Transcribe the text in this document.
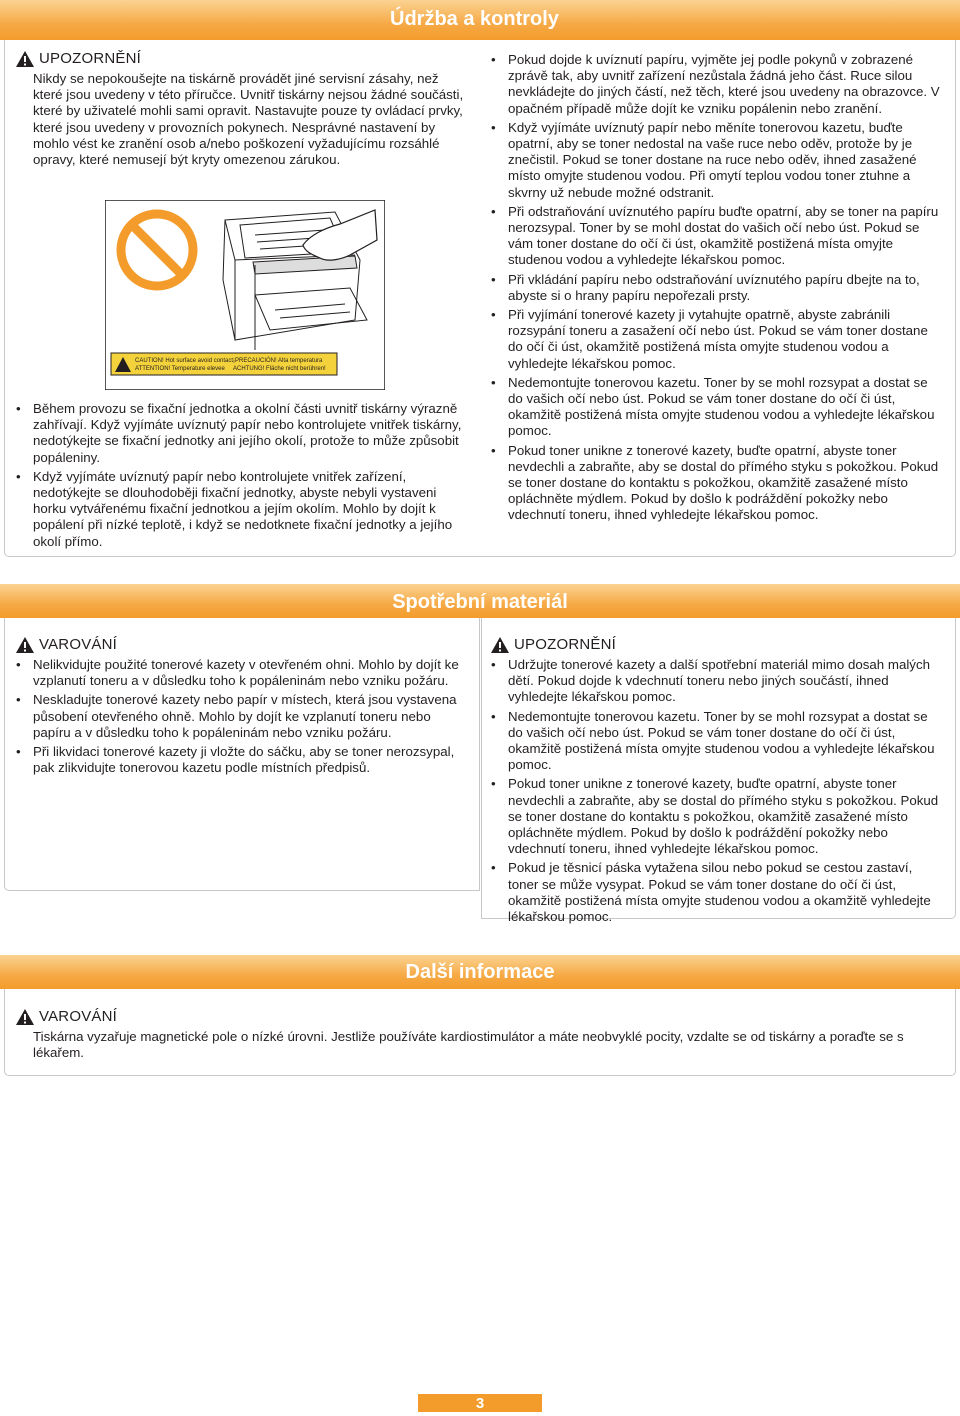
Údržba a kontroly
Spotřební materiál
Další informace
UPOZORNĚNÍ

Nikdy se nepokoušejte na tiskárně provádět jiné servisní zásahy, než které jsou uvedeny v této příručce. Uvnitř tiskárny nejsou žádné součásti, které by uživatelé mohli sami opravit. Nastavujte pouze ty ovládací prvky, které jsou uvedeny v provozních pokynech. Nesprávné nastavení by mohlo vést ke zranění osob a/nebo poškození vyžadujícímu rozsáhlé opravy, které nemusejí být kryty omezenou zárukou.

CAUTION! Hot surface avoid contact
ATTENTION! Temperature elevee
¡PRECAUCIÓN! Alta temperatura
ACHTUNG! Fläche nicht berühren!
• Během provozu se fixační jednotka a okolní části uvnitř tiskárny výrazně zahřívají. Když vyjímáte uvíznutý papír nebo kontrolujete vnitřek tiskárny, nedotýkejte se fixační jednotky ani jejího okolí, protože to může způsobit popáleniny.
• Když vyjímáte uvíznutý papír nebo kontrolujete vnitřek zařízení, nedotýkejte se dlouhodoběji fixační jednotky, abyste nebyli vystaveni horku vytvářenému fixační jednotkou a jejím okolím. Mohlo by dojít k popálení při nízké teplotě, i když se nedotknete fixační jednotky a jejího okolí přímo.
• Pokud dojde k uvíznutí papíru, vyjměte jej podle pokynů v zobrazené zprávě tak, aby uvnitř zařízení nezůstala žádná jeho část. Ruce silou nevkládejte do jiných částí, než těch, které jsou uvedeny na obrazovce. V opačném případě může dojít ke vzniku popálenin nebo zranění.
• Když vyjímáte uvíznutý papír nebo měníte tonerovou kazetu, buďte opatrní, aby se toner nedostal na vaše ruce nebo oděv, protože by je znečistil. Pokud se toner dostane na ruce nebo oděv, ihned zasažené místo omyjte studenou vodou. Při omytí teplou vodou toner ztuhne a skvrny už nebude možné odstranit.
• Při odstraňování uvíznutého papíru buďte opatrní, aby se toner na papíru nerozsypal. Toner by se mohl dostat do vašich očí nebo úst. Pokud se vám toner dostane do očí či úst, okamžitě postižená místa omyjte studenou vodou a vyhledejte lékařskou pomoc.
• Při vkládání papíru nebo odstraňování uvíznutého papíru dbejte na to, abyste si o hrany papíru nepořezali prsty.
• Při vyjímání tonerové kazety ji vytahujte opatrně, abyste zabránili rozsypání toneru a zasažení očí nebo úst. Pokud se vám toner dostane do očí či úst, okamžitě postižená místa omyjte studenou vodou a vyhledejte lékařskou pomoc.
• Nedemontujte tonerovou kazetu. Toner by se mohl rozsypat a dostat se do vašich očí nebo úst. Pokud se vám toner dostane do očí či úst, okamžitě postižená místa omyjte studenou vodou a vyhledejte lékařskou pomoc.
• Pokud toner unikne z tonerové kazety, buďte opatrní, abyste toner nevdechli a zabraňte, aby se dostal do přímého styku s pokožkou. Pokud se toner dostane do kontaktu s pokožkou, okamžitě zasažené místo opláchněte mýdlem. Pokud by došlo k podráždění pokožky nebo vdechnutí toneru, ihned vyhledejte lékařskou pomoc.
VAROVÁNÍ
• Nelikvidujte použité tonerové kazety v otevřeném ohni. Mohlo by dojít ke vzplanutí toneru a v důsledku toho k popáleninám nebo vzniku požáru.
• Neskladujte tonerové kazety nebo papír v místech, která jsou vystavena působení otevřeného ohně. Mohlo by dojít ke vzplanutí toneru nebo papíru a v důsledku toho k popáleninám nebo vzniku požáru.
• Při likvidaci tonerové kazety ji vložte do sáčku, aby se toner nerozsypal, pak zlikvidujte tonerovou kazetu podle místních předpisů.
UPOZORNĚNÍ
• Udržujte tonerové kazety a další spotřební materiál mimo dosah malých dětí. Pokud dojde k vdechnutí toneru nebo jiných součástí, ihned vyhledejte lékařskou pomoc.
• Nedemontujte tonerovou kazetu. Toner by se mohl rozsypat a dostat se do vašich očí nebo úst. Pokud se vám toner dostane do očí či úst, okamžitě postižená místa omyjte studenou vodou a vyhledejte lékařskou pomoc.
• Pokud toner unikne z tonerové kazety, buďte opatrní, abyste toner nevdechli a zabraňte, aby se dostal do přímého styku s pokožkou. Pokud se toner dostane do kontaktu s pokožkou, okamžitě zasažené místo opláchněte mýdlem. Pokud by došlo k podráždění pokožky nebo vdechnutí toneru, ihned vyhledejte lékařskou pomoc.
• Pokud je těsnicí páska vytažena silou nebo pokud se cestou zastaví, toner se může vysypat. Pokud se vám toner dostane do očí či úst, okamžitě postižená místa omyjte studenou vodou a okamžitě vyhledejte lékařskou pomoc.
VAROVÁNÍ

Tiskárna vyzařuje magnetické pole o nízké úrovni. Jestliže používáte kardiostimulátor a máte neobvyklé pocity, vzdalte se od tiskárny a poraďte se s lékařem.

3
